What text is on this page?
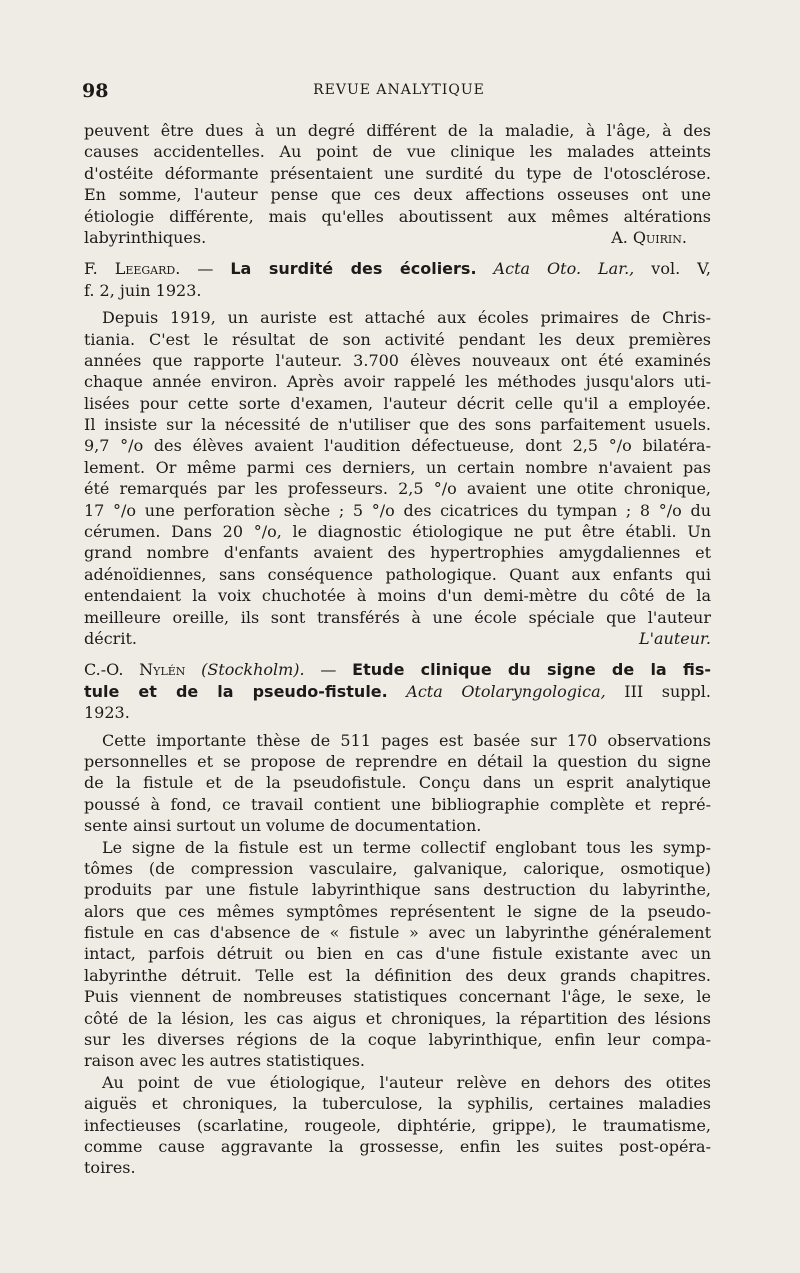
98	REVUE ANALYTIQUE
peuvent être dues à un degré différent de la maladie, à l'âge, à des
causes accidentelles. Au point de vue clinique les malades atteints
d'ostéite déformante présentaient une surdité du type de l'otosclérose.
En somme, l'auteur pense que ces deux affections osseuses ont une
étiologie différente, mais qu'elles aboutissent aux mêmes altérations
labyrinthiques.	A. Quirin.
F. Leegard. — La surdité des écoliers. Acta Oto. Lar., vol. V,
f. 2, juin 1923.
Depuis 1919, un auriste est attaché aux écoles primaires de Chris-
tiania. C'est le résultat de son activité pendant les deux premières
années que rapporte l'auteur. 3.700 élèves nouveaux ont été examinés
chaque année environ. Après avoir rappelé les méthodes jusqu'alors uti-
lisées pour cette sorte d'examen, l'auteur décrit celle qu'il a employée.
Il insiste sur la nécessité de n'utiliser que des sons parfaitement usuels.
9,7 °/o des élèves avaient l'audition défectueuse, dont 2,5 °/o bilatéra-
lement. Or même parmi ces derniers, un certain nombre n'avaient pas
été remarqués par les professeurs. 2,5 °/o avaient une otite chronique,
17 °/o une perforation sèche ; 5 °/o des cicatrices du tympan ; 8 °/o du
cérumen. Dans 20 °/o, le diagnostic étiologique ne put être établi. Un
grand nombre d'enfants avaient des hypertrophies amygdaliennes et
adénoïdiennes, sans conséquence pathologique. Quant aux enfants qui
entendaient la voix chuchotée à moins d'un demi-mètre du côté de la
meilleure oreille, ils sont transférés à une école spéciale que l'auteur
décrit.	L'auteur.
C.-O. Nylén (Stockholm). — Etude clinique du signe de la fis-
tule et de la pseudo-fistule. Acta Otolaryngologica, III suppl.
1923.
Cette importante thèse de 511 pages est basée sur 170 observations
personnelles et se propose de reprendre en détail la question du signe
de la fistule et de la pseudofistule. Conçu dans un esprit analytique
poussé à fond, ce travail contient une bibliographie complète et repré-
sente ainsi surtout un volume de documentation.
Le signe de la fistule est un terme collectif englobant tous les symp-
tômes (de compression vasculaire, galvanique, calorique, osmotique)
produits par une fistule labyrinthique sans destruction du labyrinthe,
alors que ces mêmes symptômes représentent le signe de la pseudo-
fistule en cas d'absence de « fistule » avec un labyrinthe généralement
intact, parfois détruit ou bien en cas d'une fistule existante avec un
labyrinthe détruit. Telle est la définition des deux grands chapitres.
Puis viennent de nombreuses statistiques concernant l'âge, le sexe, le
côté de la lésion, les cas aigus et chroniques, la répartition des lésions
sur les diverses régions de la coque labyrinthique, enfin leur compa-
raison avec les autres statistiques.
Au point de vue étiologique, l'auteur relève en dehors des otites
aiguës et chroniques, la tuberculose, la syphilis, certaines maladies
infectieuses (scarlatine, rougeole, diphtérie, grippe), le traumatisme,
comme cause aggravante la grossesse, enfin les suites post-opéra-
toires.
